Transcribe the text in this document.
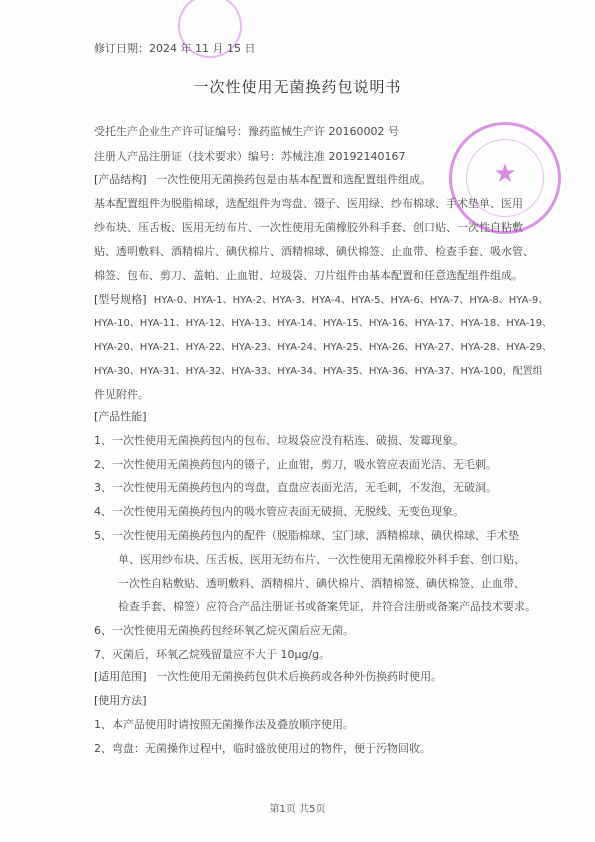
修订日期：2024 年 11 月 15 日
一次性使用无菌换药包说明书
受托生产企业生产许可证编号：豫药监械生产许 20160002 号
注册人产品注册证（技术要求）编号：苏械注准 20192140167
[产品结构] 一次性使用无菌换药包是由基本配置和选配置组件组成。
基本配置组件为脱脂棉球，选配组件为弯盘、镊子、医用绿、纱布棉球、手术垫单、医用
纱布块、压舌板、医用无纺布片、一次性使用无菌橡胶外科手套、创口贴、一次性自粘敷
贴、透明敷料、酒精棉片、碘伏棉片、酒精棉球、碘伏棉签、止血带、检查手套、吸水管、
棉签、包布、剪刀、盖帕、止血钳、垃圾袋、刀片组件由基本配置和任意选配组件组成。
[型号规格] HYA-0、HYA-1、HYA-2、HYA-3、HYA-4、HYA-5、HYA-6、HYA-7、HYA-8、HYA-9、
HYA-10、HYA-11、HYA-12、HYA-13、HYA-14、HYA-15、HYA-16、HYA-17、HYA-18、HYA-19、
HYA-20、HYA-21、HYA-22、HYA-23、HYA-24、HYA-25、HYA-26、HYA-27、HYA-28、HYA-29、
HYA-30、HYA-31、HYA-32、HYA-33、HYA-34、HYA-35、HYA-36、HYA-37、HYA-100，配置组
件见附件。
[产品性能]
1、一次性使用无菌换药包内的包布、垃圾袋应没有粘连、破损、发霉现象。
2、一次性使用无菌换药包内的镊子，止血钳，剪刀，吸水管应表面光洁、无毛刺。
3、一次性使用无菌换药包内的弯盘，直盘应表面光洁，无毛刺，不发泡，无破洞。
4、一次性使用无菌换药包内的吸水管应表面无破损、无脱线、无变色现象。
5、一次性使用无菌换药包内的配件（脱脂棉球、宝门球、酒精棉球、碘伏棉球、手术垫
单、医用纱布块、压舌板、医用无纺布片、一次性使用无菌橡胶外科手套、创口贴、
一次性自粘敷贴、透明敷料、酒精棉片、碘伏棉片、酒精棉签、碘伏棉签、止血带、
检查手套、棉签）应符合产品注册证书或备案凭证，并符合注册或备案产品技术要求。
6、一次性使用无菌换药包经环氧乙烷灭菌后应无菌。
7、灭菌后，环氧乙烷残留量应不大于 10μg/g。
[适用范围] 一次性使用无菌换药包供术后换药或各种外伤换药时使用。
[使用方法]
1、本产品使用时请按照无菌操作法及叠放顺序使用。
2、弯盘：无菌操作过程中，临时盛放使用过的物件，便于污物回收。
第1页 共5页
★
